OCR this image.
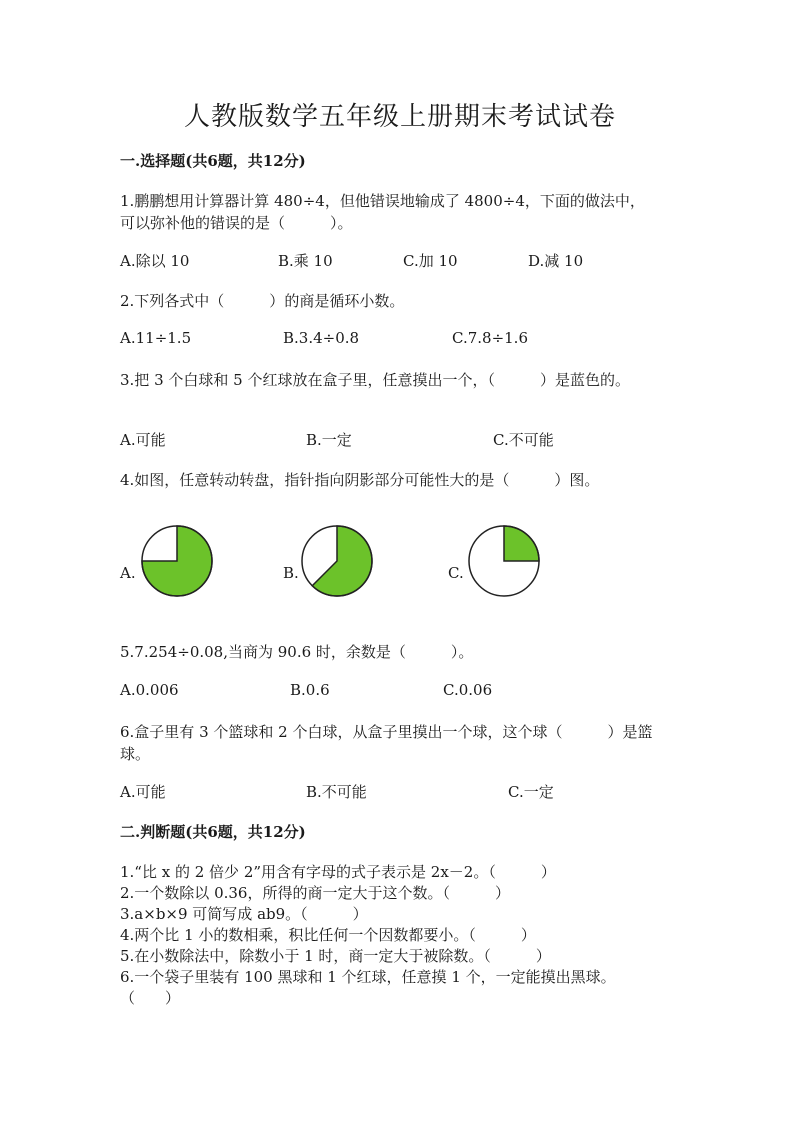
人教版数学五年级上册期末考试试卷
一.选择题(共6题，共12分)
1.鹏鹏想用计算器计算 480÷4，但他错误地输成了 4800÷4，下面的做法中，
可以弥补他的错误的是（　　　）。
A.除以 10	B.乘 10	C.加 10	D.减 10
2.下列各式中（　　　）的商是循环小数。
A.11÷1.5	B.3.4÷0.8	C.7.8÷1.6
3.把 3 个白球和 5 个红球放在盒子里，任意摸出一个，（　　　）是蓝色的。
A.可能	B.一定	C.不可能
4.如图，任意转动转盘，指针指向阴影部分可能性大的是（　　　）图。
A.	B.	C.
5.7.254÷0.08,当商为 90.6 时，余数是（　　　）。
A.0.006	B.0.6	C.0.06
6.盒子里有 3 个篮球和 2 个白球，从盒子里摸出一个球，这个球（　　　）是篮
球。
A.可能	B.不可能	C.一定
二.判断题(共6题，共12分)
1.“比 x 的 2 倍少 2”用含有字母的式子表示是 2x－2。（　　　）
2.一个数除以 0.36，所得的商一定大于这个数。（　　　）
3.a×b×9 可简写成 ab9。（　　　）
4.两个比 1 小的数相乘，积比任何一个因数都要小。（　　　）
5.在小数除法中，除数小于 1 时，商一定大于被除数。（　　　）
6.一个袋子里装有 100 黑球和 1 个红球，任意摸 1 个，一定能摸出黑球。
（　　）
